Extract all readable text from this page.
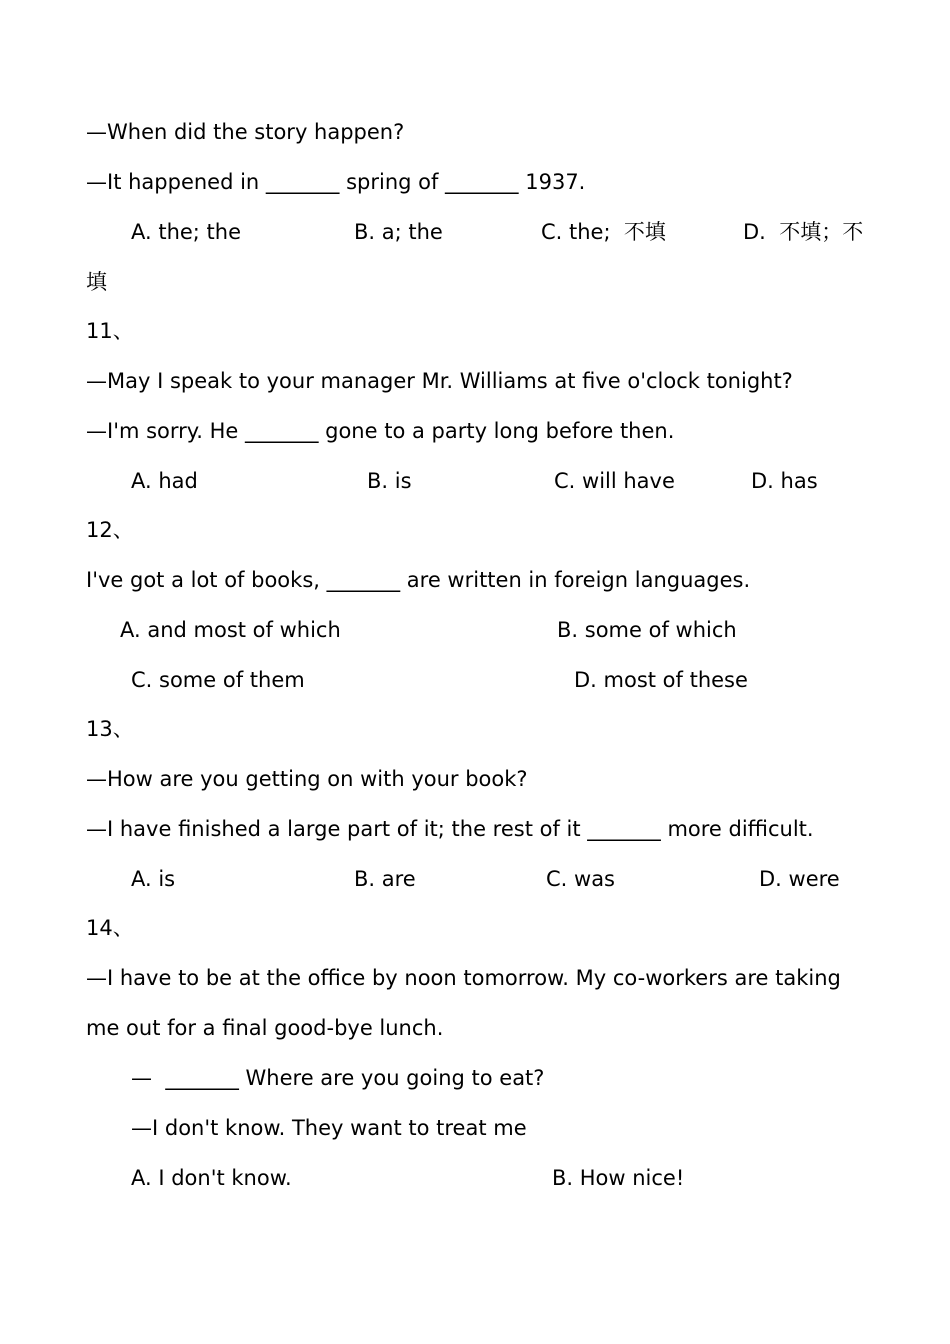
—When did the story happen?

—It happened in _______ spring of _______ 1937.

A. the; the	B. a; the	C. the;  不填	D.  不填；不

填

11、

—May I speak to your manager Mr. Williams at five o'clock tonight?

—I'm sorry. He _______ gone to a party long before then.

A. had	B. is	C. will have	D. has

12、

I've got a lot of books, _______ are written in foreign languages.

A. and most of which	B. some of which

C. some of them	D. most of these

13、

—How are you getting on with your book?

—I have finished a large part of it; the rest of it _______ more difficult.

A. is	B. are	C. was	D. were

14、

—I have to be at the office by noon tomorrow. My co-workers are taking

me out for a final good-bye lunch.

—  _______ Where are you going to eat?

—I don't know. They want to treat me

A. I don't know.	B. How nice!
